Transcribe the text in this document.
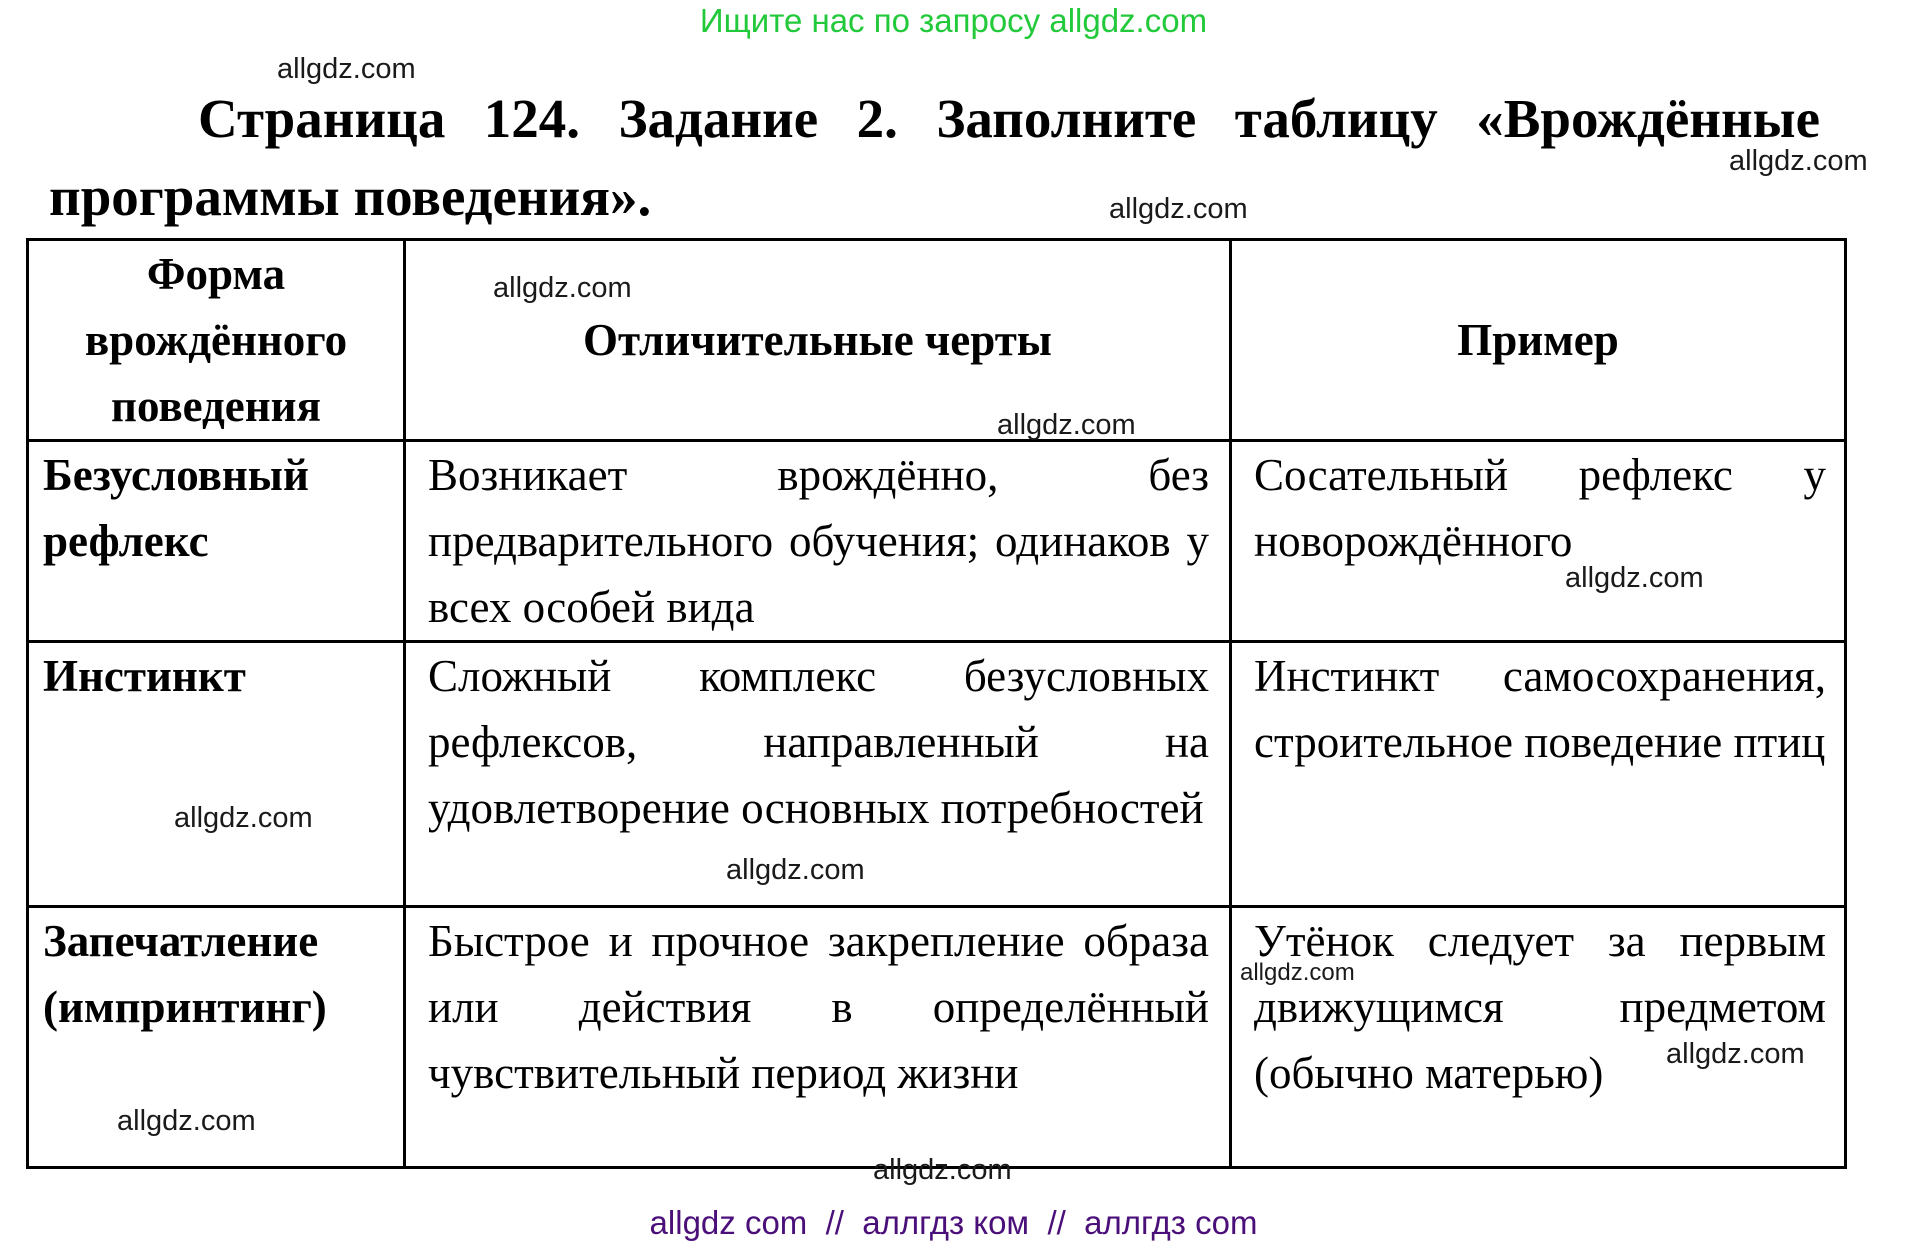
Ищите нас по запросу allgdz.com
Страница 124. Задание 2. Заполните таблицу «Врождённые
программы поведения».
Форма врождённого поведения	Отличительные черты	Пример

Безусловный рефлекс	Возникает врождённо, без предварительного обучения; одинаков у всех особей вида	Сосательный рефлекс у новорождённого
Инстинкт	Сложный комплекс безусловных рефлексов, направленный на удовлетворение основных потребностей	Инстинкт самосохранения, строительное поведение птиц
Запечатление (импринтинг)	Быстрое и прочное закрепление образа или действия в определённый чувствительный период жизни	Утёнок следует за первым движущимся предметом (обычно матерью)
allgdz.com
allgdz.com
allgdz.com
allgdz.com
allgdz.com
allgdz.com
allgdz.com
allgdz.com
allgdz.com
allgdz.com
allgdz.com
allgdz.com
allgdz com  //  аллгдз ком  //  аллгдз com
